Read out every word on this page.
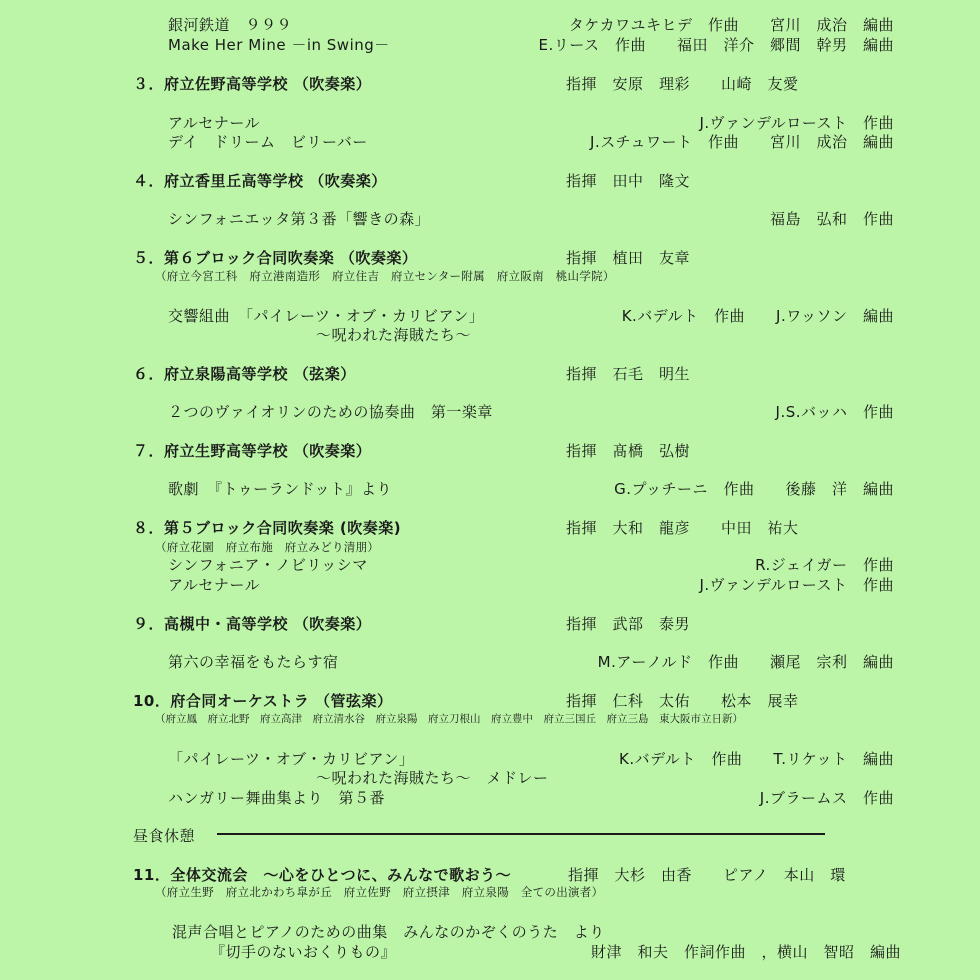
銀河鉄道　９９９	タケカワユキヒデ　作曲　　宮川　成治　編曲
Make Her Mine －in Swing－	E.リース　作曲　　福田　洋介　郷間　幹男　編曲
３．府立佐野高等学校 （吹奏楽）	指揮　安原　理彩　　山崎　友愛
アルセナール	J.ヴァンデルロースト　作曲
デイ　ドリーム　ビリーバー	J.スチュワート　作曲　　宮川　成治　編曲
４．府立香里丘高等学校 （吹奏楽）	指揮　田中　隆文
シンフォニエッタ第３番「響きの森」	福島　弘和　作曲
５．第６ブロック合同吹奏楽 （吹奏楽）	指揮　植田　友章
（府立今宮工科　府立港南造形　府立住吉　府立センター附属　府立阪南　桃山学院）
交響組曲　「パイレーツ・オブ・カリビアン」	K.バデルト　作曲　　J.ワッソン　編曲
～呪われた海賊たち～
６．府立泉陽高等学校 （弦楽）	指揮　石毛　明生
２つのヴァイオリンのための協奏曲　第一楽章	J.S.バッハ　作曲
７．府立生野高等学校 （吹奏楽）	指揮　髙橋　弘樹
歌劇　『トゥーランドット』より	G.プッチーニ　作曲　　後藤　洋　編曲
８．第５ブロック合同吹奏楽 (吹奏楽)	指揮　大和　龍彦　　中田　祐大
（府立花園　府立布施　府立みどり清朋）
シンフォニア・ノビリッシマ	R.ジェイガー　作曲
アルセナール	J.ヴァンデルロースト　作曲
９．高槻中・高等学校 （吹奏楽）	指揮　武部　泰男
第六の幸福をもたらす宿	M.アーノルド　作曲　　瀬尾　宗利　編曲
10．府合同オーケストラ （管弦楽）	指揮　仁科　太佑　　松本　展幸
（府立鳳　府立北野　府立高津　府立清水谷　府立泉陽　府立刀根山　府立豊中　府立三国丘　府立三島　東大阪市立日新）
「パイレーツ・オブ・カリビアン」	K.バデルト　作曲　　T.リケット　編曲
～呪われた海賊たち～　メドレー
ハンガリー舞曲集より　第５番	J.ブラームス　作曲
昼食休憩
11．全体交流会　～心をひとつに、みんなで歌おう～	指揮　大杉　由香　　ピアノ　本山　環
（府立生野　府立北かわち皐が丘　府立佐野　府立摂津　府立泉陽　全ての出演者）
混声合唱とピアノのための曲集　みんなのかぞくのうた　より
『切手のないおくりもの』	財津　和夫　作詞作曲　，横山　智昭　編曲
